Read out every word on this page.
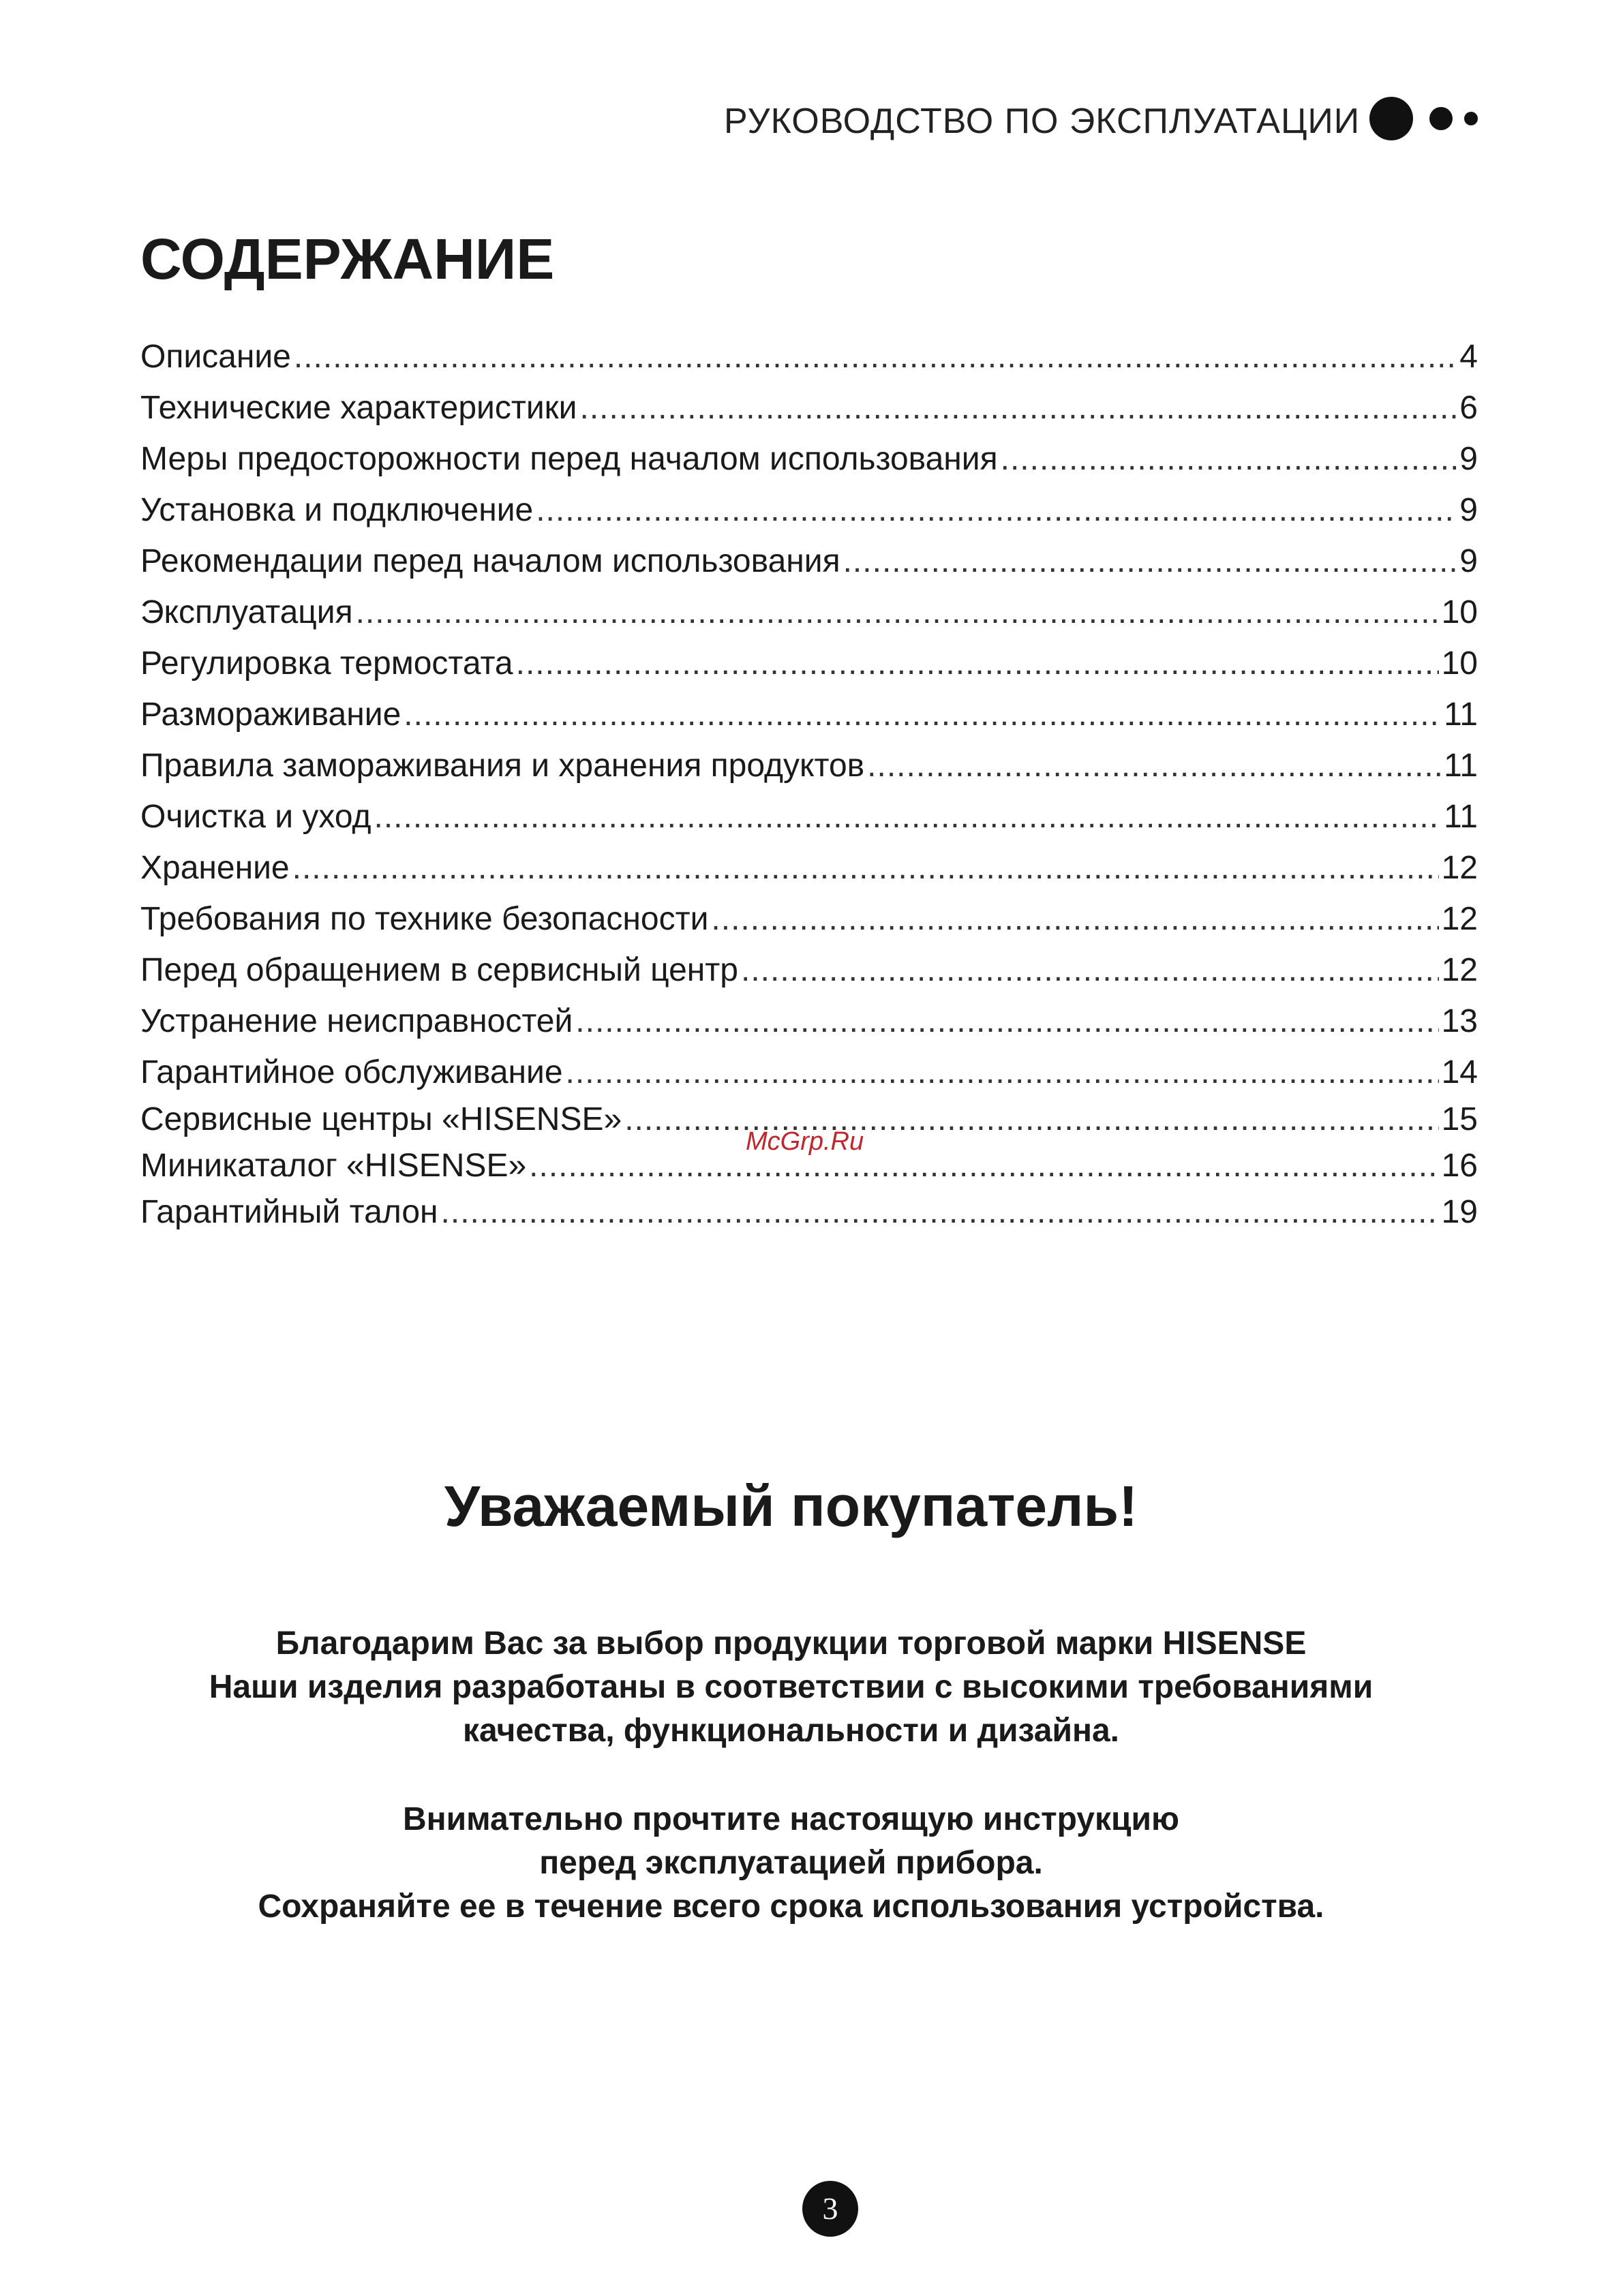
РУКОВОДСТВО ПО ЭКСПЛУАТАЦИИ
СОДЕРЖАНИЕ
Описание .....	4
Технические характеристики .....	6
Меры предосторожности перед началом использования .....	9
Установка и подключение .....	9
Рекомендации перед началом использования .....	9
Эксплуатация .....	10
Регулировка термостата .....	10
Размораживание .....	11
Правила замораживания и хранения продуктов .....	11
Очистка и уход .....	11
Хранение .....	12
Требования по технике безопасности .....	12
Перед обращением в сервисный центр .....	12
Устранение неисправностей .....	13
Гарантийное обслуживание .....	14
Сервисные центры «HISENSE» .....	15
Миникаталог «HISENSE» .....	16
Гарантийный талон .....	19
McGrp.Ru
Уважаемый покупатель!
Благодарим Вас за выбор продукции торговой марки HISENSE
Наши изделия разработаны в соответствии с высокими требованиями
качества, функциональности и дизайна.
Внимательно прочтите настоящую инструкцию
перед эксплуатацией прибора.
Сохраняйте ее в течение всего срока использования устройства.
3
